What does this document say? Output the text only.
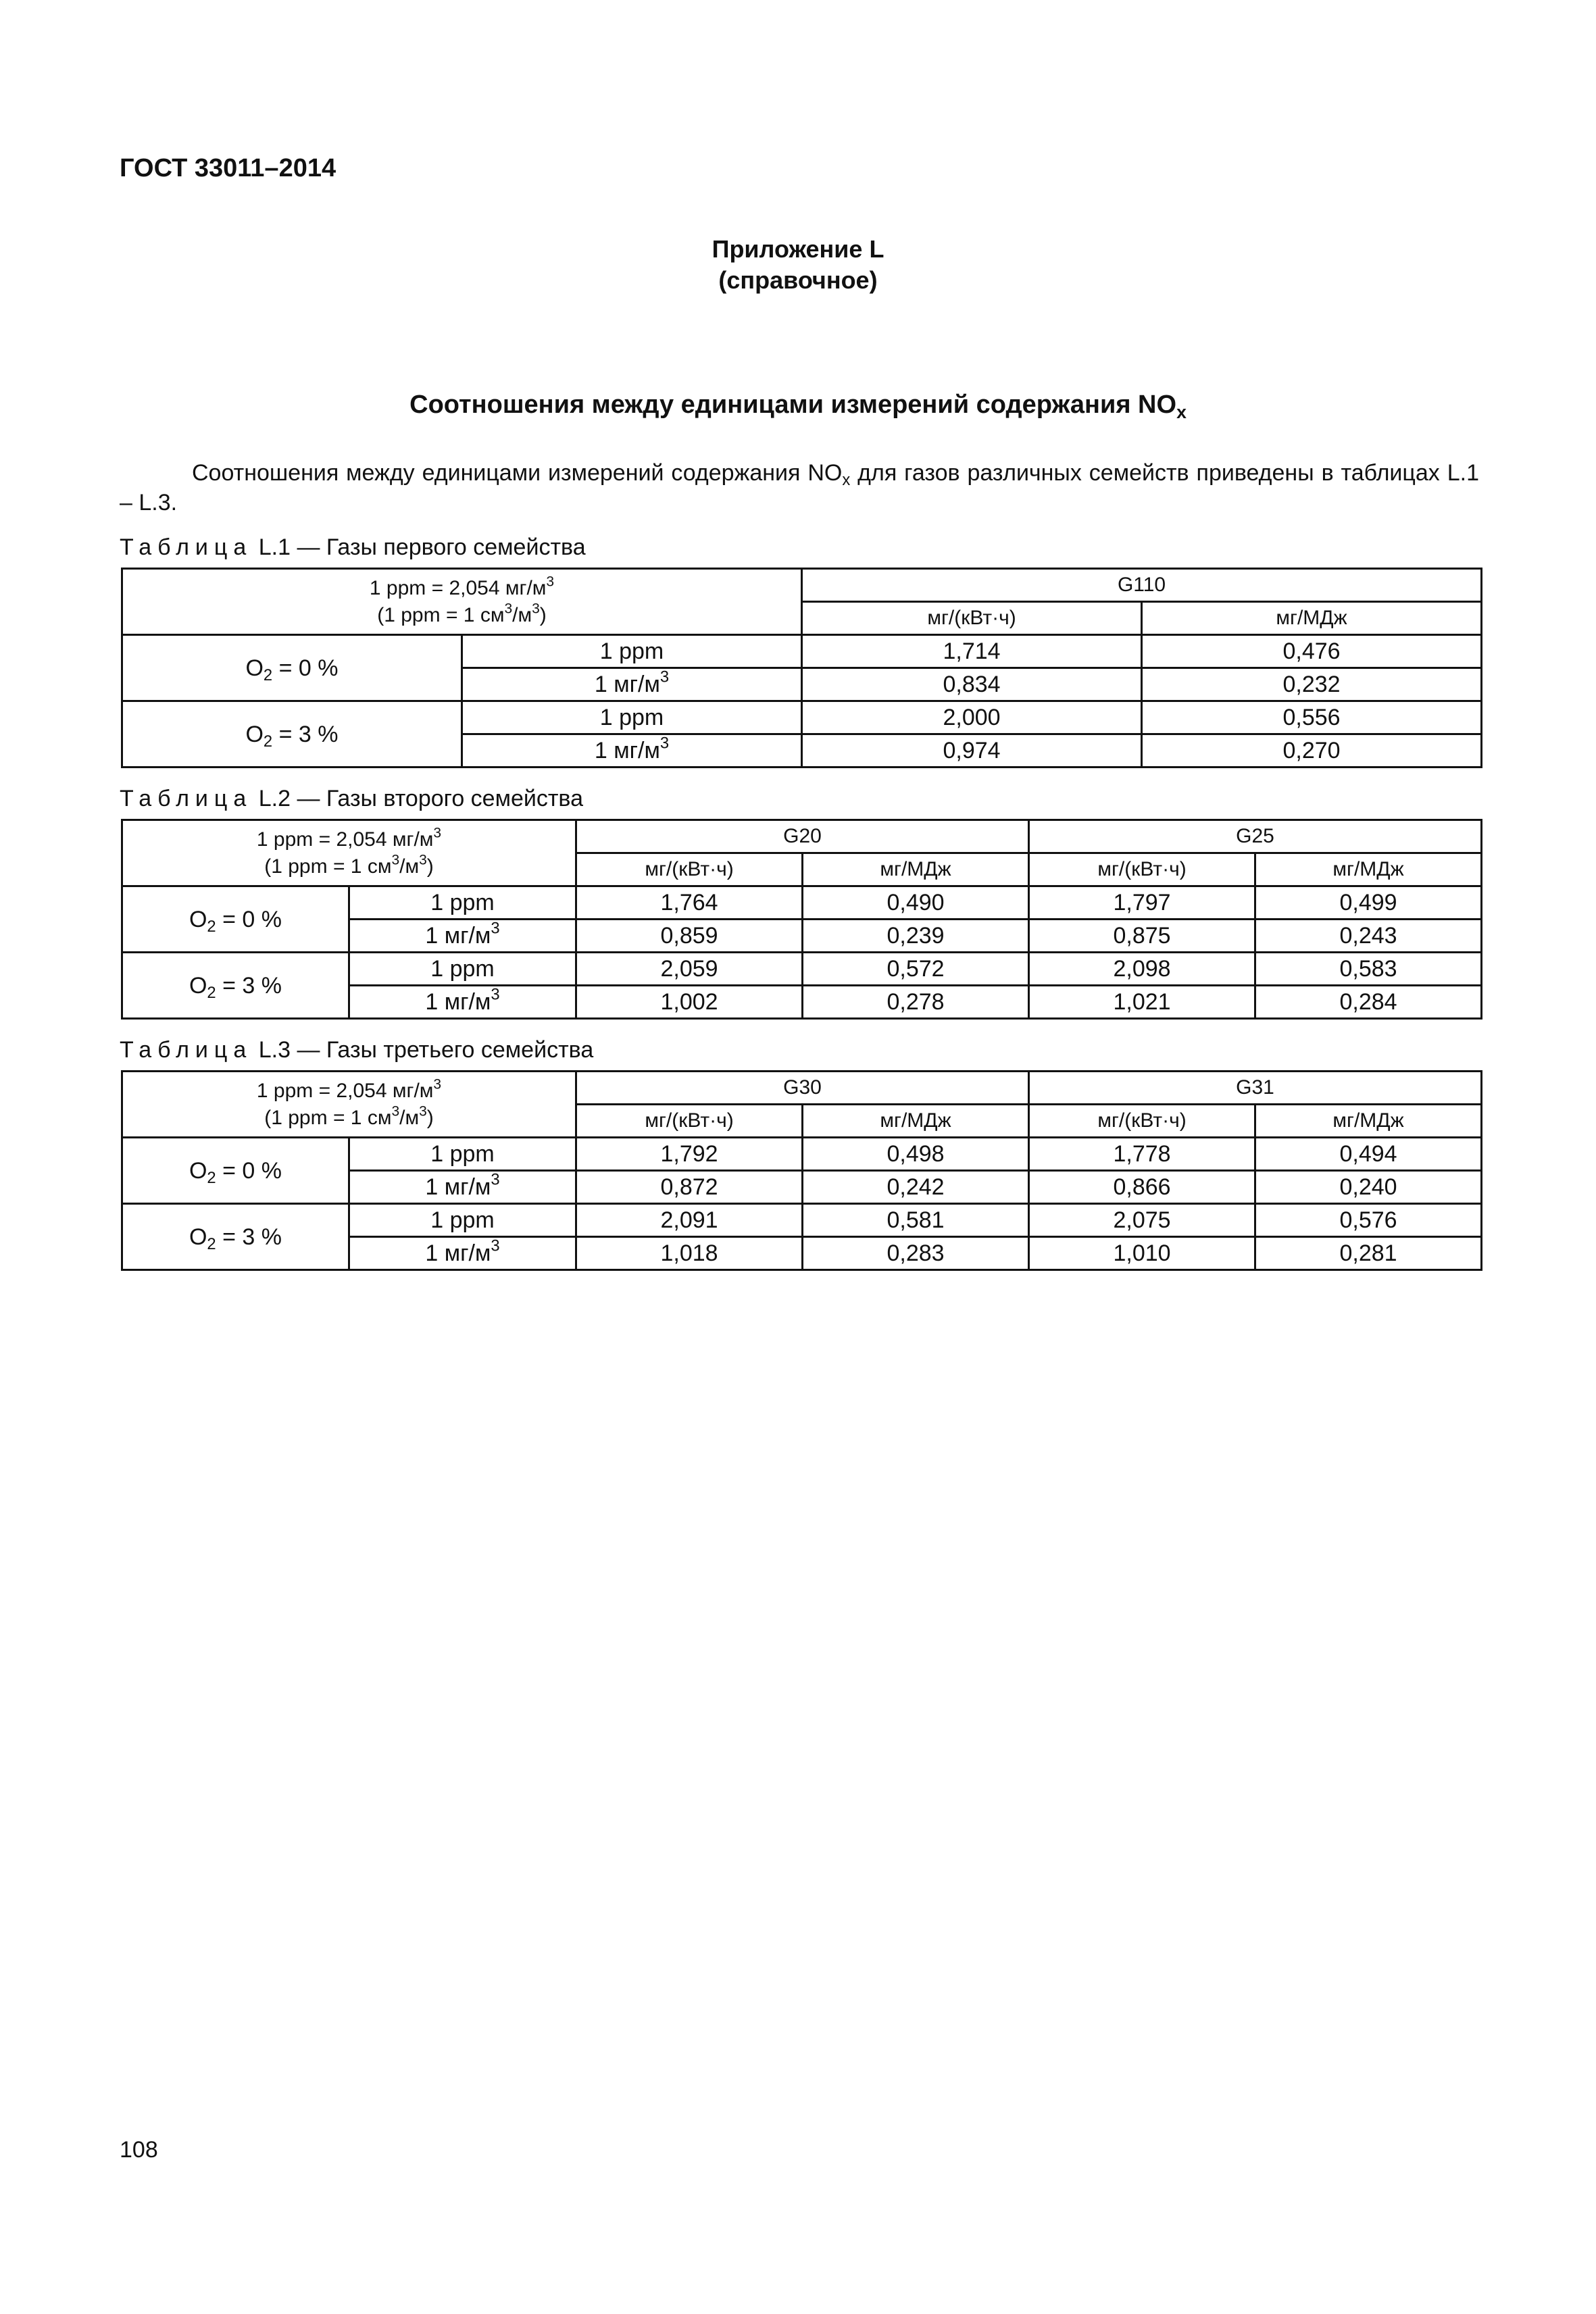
ГОСТ 33011–2014
Приложение L
(справочное)
Соотношения между единицами измерений содержания $NO_x$
Соотношения между единицами измерений содержания $NO_x$ для газов различных семейств приведены в таблицах L.1 – L.3.
Таблица L.1 — Газы первого семейства
1 ppm = 2,054 $мг/м^3$
(1 ppm = 1 $см^3/м^3$)		G110	
		мг/(кВт·ч)	мг/МДж
$O_2 = 0$ %	1 ppm	1,714	0,476
	1 $мг/м^3$	0,834	0,232
$O_2 = 3$ %	1 ppm	2,000	0,556
	1 $мг/м^3$	0,974	0,270
Таблица L.2 — Газы второго семейства
1 ppm = 2,054 $мг/м^3$
(1 ppm = 1 $см^3/м^3$)		G20		G25	
		мг/(кВт·ч)	мг/МДж	мг/(кВт·ч)	мг/МДж
$O_2 = 0$ %	1 ppm	1,764	0,490	1,797	0,499
	1 $мг/м^3$	0,859	0,239	0,875	0,243
$O_2 = 3$ %	1 ppm	2,059	0,572	2,098	0,583
	1 $мг/м^3$	1,002	0,278	1,021	0,284
Таблица L.3 — Газы третьего семейства
1 ppm = 2,054 $мг/м^3$
(1 ppm = 1 $см^3/м^3$)		G30		G31	
		мг/(кВт·ч)	мг/МДж	мг/(кВт·ч)	мг/МДж
$O_2 = 0$ %	1 ppm	1,792	0,498	1,778	0,494
	1 $мг/м^3$	0,872	0,242	0,866	0,240
$O_2 = 3$ %	1 ppm	2,091	0,581	2,075	0,576
	1 $мг/м^3$	1,018	0,283	1,010	0,281
108
